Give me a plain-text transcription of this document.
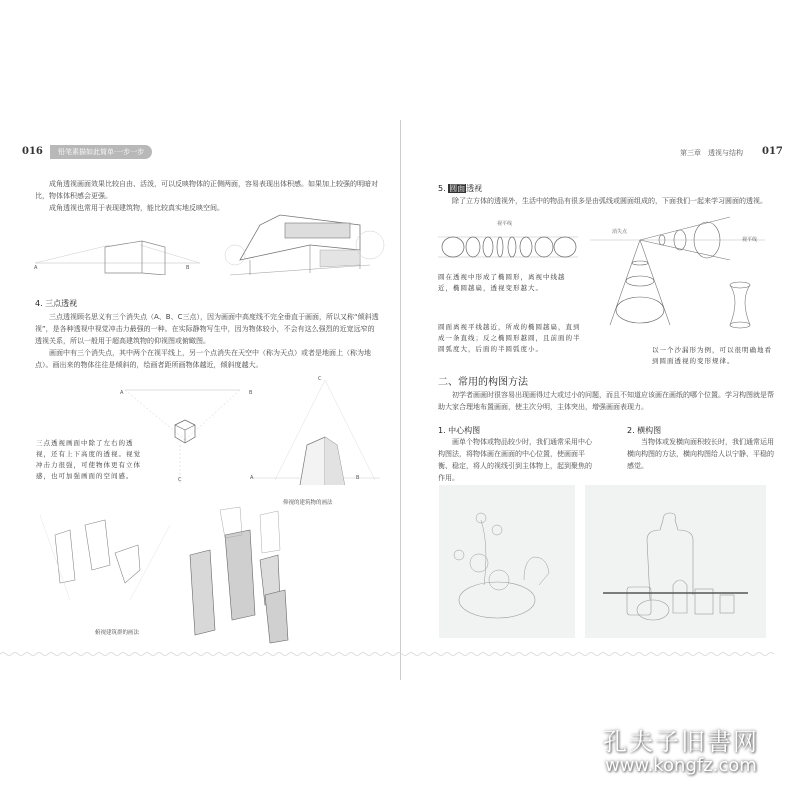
016	铅笔素描如此简单·一步一步

成角透视画面效果比较自由、活泼，可以反映物体的正侧两面，容易表现出体积感。如果加上较强的明暗对比，物体体积感会更强。

成角透视也常用于表现建筑物，能比较真实地反映空间。

A	B
4. 三点透视

三点透视顾名思义有三个消失点（A、B、C三点），因为画面中高度线不完全垂直于画面，所以又称“倾斜透视”，是各种透视中视觉冲击力最强的一种。在实际静物写生中，因为物体较小，不会有这么强烈的近宽远窄的透视关系，所以一般用于超高建筑物的仰视图或俯瞰图。

画面中有三个消失点，其中两个在视平线上，另一个点消失在天空中（称为天点）或者是地面上（称为地点）。画出来的物体往往是倾斜的，绘画者距所画物体越近，倾斜度越大。

A	B
C
三点透视画面中除了左右的透视，还有上下高度的透视。视觉冲击力很强，可使物体更有立体感，也可加强画面的空间感。
C
A	B
仰视的建筑物的画法
俯视建筑群的画法
第三章　透视与结构 017
5. 圆面透视

除了立方体的透视外，生活中的物品有很多是由弧线或圆面组成的，下面我们一起来学习圆面的透视。

视平线
圆在透视中形成了椭圆形，离视中线越近，椭圆越扁，透视变形越大。
圆面离视平线越近，所成的椭圆越扁，直到成一条直线；反之椭圆形越圆，且前面的半圆弧度大，后面的半圆弧度小。
消失点
视平线
以一个沙漏形为例，可以很明确地看到圆面透视的变形规律。
二、常用的构图方法

初学者画画时很容易出现画得过大或过小的问题，而且不知道应该画在画纸的哪个位置。学习构图就是帮助大家合理地布置画面，使主次分明，主体突出，增强画面表现力。

1. 中心构图

画单个物体或物品较少时，我们通常采用中心构图法，将物体画在画面的中心位置，使画面平衡、稳定，将人的视线引到主体物上，起到聚焦的作用。

2. 横构图

当物体或发横向面积较长时，我们通常运用横向构图的方法，横向构图给人以宁静、平稳的感觉。

孔夫子旧書网
www.kongfz.com
